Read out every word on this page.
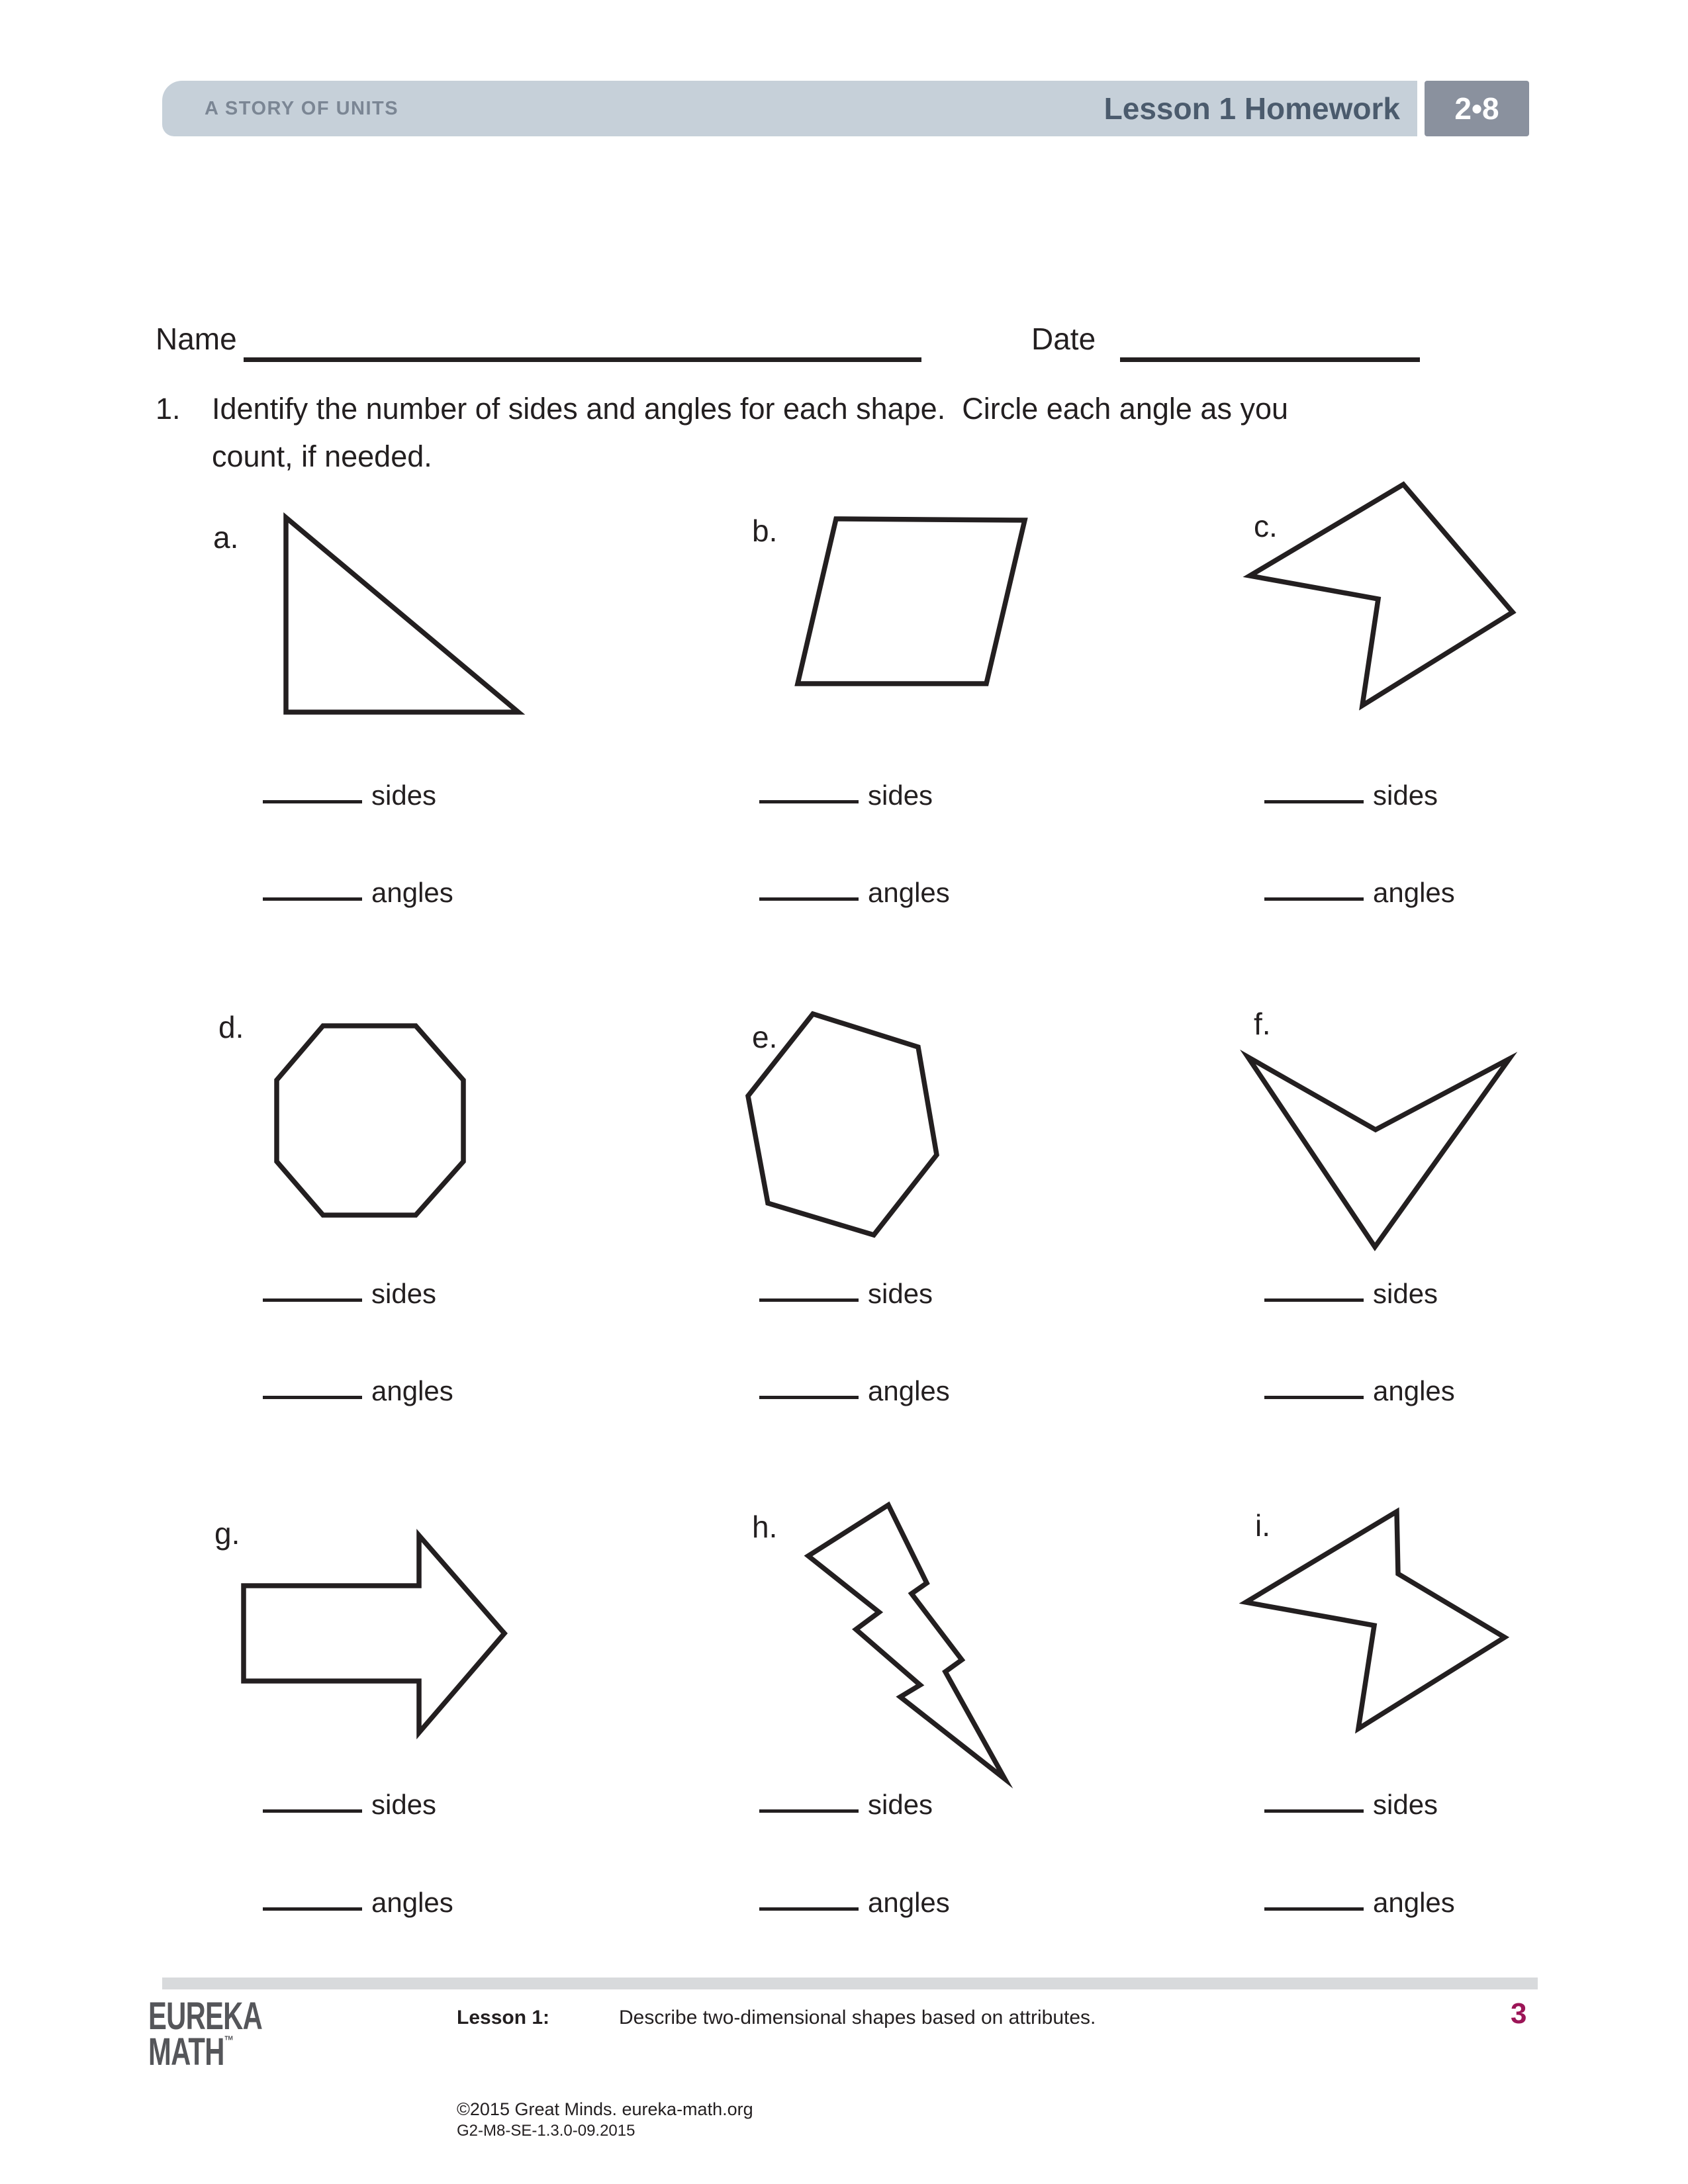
A STORY OF UNITS	Lesson 1 Homework	2•8
Name	Date
1. Identify the number of sides and angles for each shape.  Circle each angle as you
count, if needed.
a.
sides
angles
b.
sides
angles
c.
sides
angles
d.
sides
angles
e.
sides
angles
f.
sides
angles
g.
sides
angles
h.
sides
angles
i.
sides
angles
EUREKA
MATH™
Lesson 1:	Describe two-dimensional shapes based on attributes.	3
©2015 Great Minds. eureka-math.org
G2-M8-SE-1.3.0-09.2015
